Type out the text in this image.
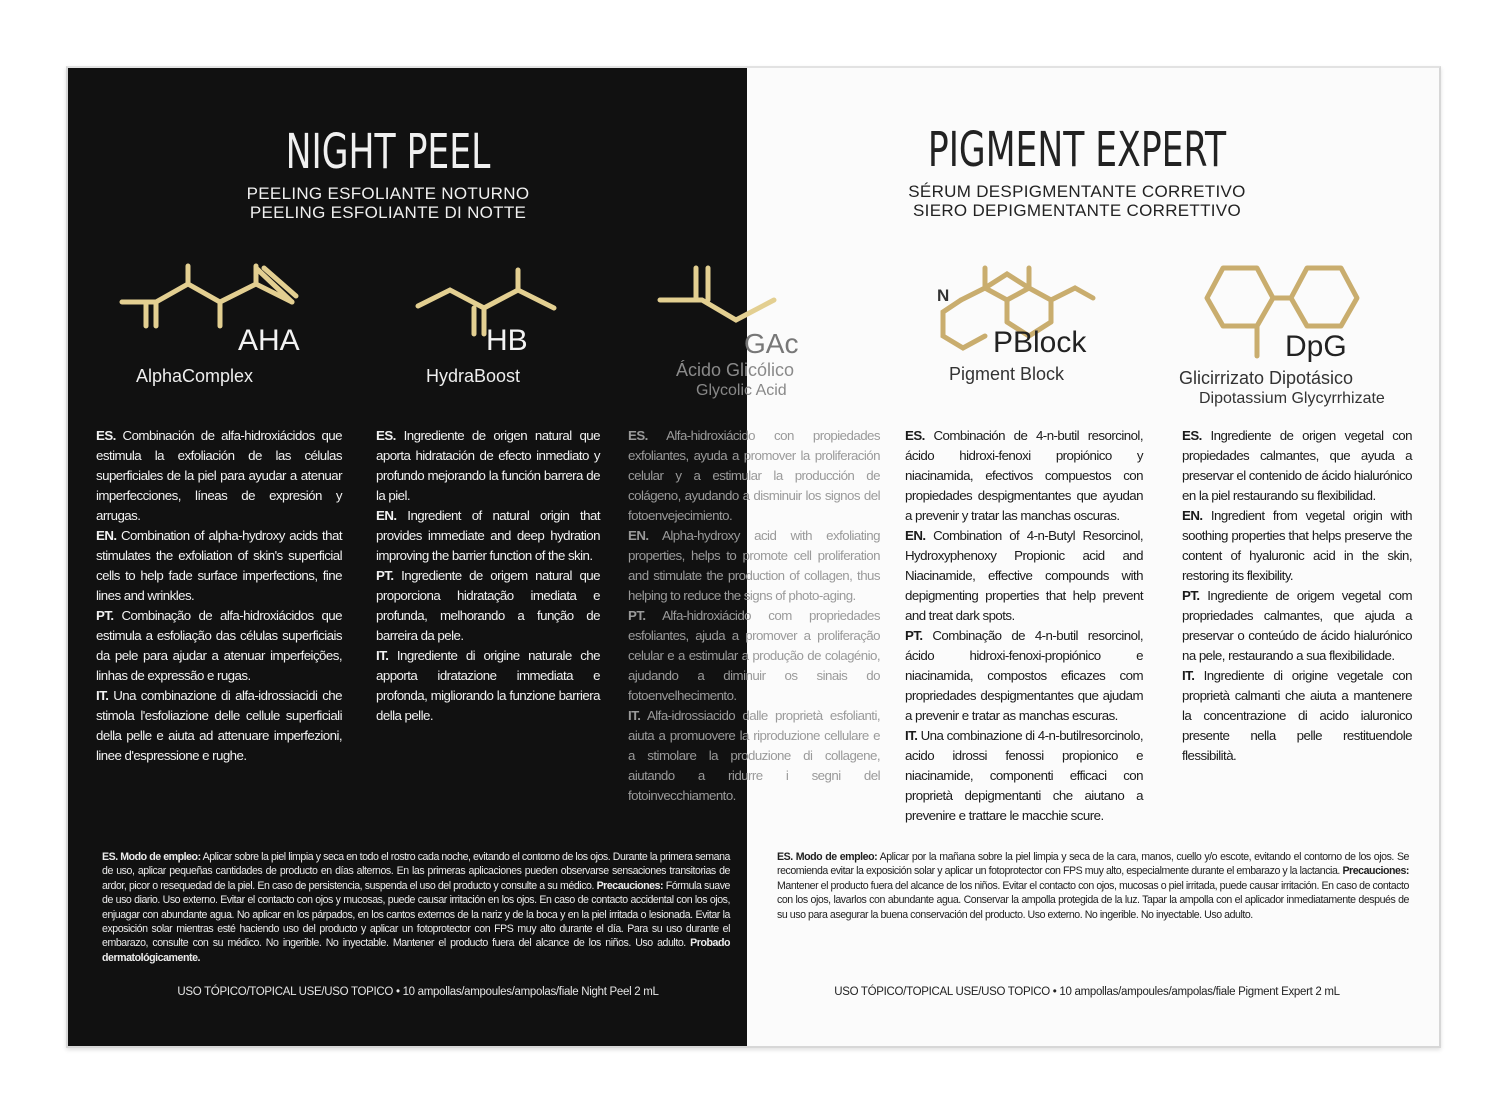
NIGHT PEEL
PEELING ESFOLIANTE NOTURNO
PEELING ESFOLIANTE DI NOTTE
AHA
AlphaComplex
HB
HydraBoost

ES. Combinación de alfa-hidroxiácidos que estimula la exfoliación de las células superficiales de la piel para ayudar a atenuar imperfecciones, líneas de expresión y arrugas.

EN. Combination of alpha-hydroxy acids that stimulates the exfoliation of skin's superficial cells to help fade surface imperfections, fine lines and wrinkles.

PT. Combinação de alfa-hidroxiácidos que estimula a esfoliação das células superficiais da pele para ajudar a atenuar imperfeições, linhas de expressão e rugas.

IT. Una combinazione di alfa-idrossiacidi che stimola l'esfoliazione delle cellule superficiali della pelle e aiuta ad attenuare imperfezioni, linee d'espressione e rughe.

ES. Ingrediente de origen natural que aporta hidratación de efecto inmediato y profundo mejorando la función barrera de la piel.

EN. Ingredient of natural origin that provides immediate and deep hydration improving the barrier function of the skin.

PT. Ingrediente de origem natural que proporciona hidratação imediata e profunda, melhorando a função de barreira da pele.

IT. Ingrediente di origine naturale che apporta idratazione immediata e profonda, migliorando la funzione barriera della pelle.

ES. Modo de empleo: Aplicar sobre la piel limpia y seca en todo el rostro cada noche, evitando el contorno de los ojos. Durante la primera semana de uso, aplicar pequeñas cantidades de producto en días alternos. En las primeras aplicaciones pueden observarse sensaciones transitorias de ardor, picor o resequedad de la piel. En caso de persistencia, suspenda el uso del producto y consulte a su médico. Precauciones: Fórmula suave de uso diario. Uso externo. Evitar el contacto con ojos y mucosas, puede causar irritación en los ojos. En caso de contacto accidental con los ojos, enjuagar con abundante agua. No aplicar en los párpados, en los cantos externos de la nariz y de la boca y en la piel irritada o lesionada. Evitar la exposición solar mientras esté haciendo uso del producto y aplicar un fotoprotector con FPS muy alto durante el día. Para su uso durante el embarazo, consulte con su médico. No ingerible. No inyectable. Mantener el producto fuera del alcance de los niños. Uso adulto. Probado dermatológicamente.
USO TÓPICO/TOPICAL USE/USO TOPICO • 10 ampollas/ampoules/ampolas/fiale Night Peel 2 mL
PIGMENT EXPERT
SÉRUM DESPIGMENTANTE CORRETIVO
SIERO DEPIGMENTANTE CORRETTIVO
N
PBlock
Pigment Block
DpG
Glicirrizato Dipotásico
Dipotassium Glycyrrhizate

ES. Combinación de 4-n-butil resorcinol, ácido hidroxi-fenoxi propiónico y niacinamida, efectivos compuestos con propiedades despigmentantes que ayudan a prevenir y tratar las manchas oscuras.

EN. Combination of 4-n-Butyl Resorcinol, Hydroxyphenoxy Propionic acid and Niacinamide, effective compounds with depigmenting properties that help prevent and treat dark spots.

PT. Combinação de 4-n-butil resorcinol, ácido hidroxi-fenoxi-propiónico e niacinamida, compostos eficazes com propriedades despigmentantes que ajudam a prevenir e tratar as manchas escuras.

IT. Una combinazione di 4-n-butilresorcinolo, acido idrossi fenossi propionico e niacinamide, componenti efficaci con proprietà depigmentanti che aiutano a prevenire e trattare le macchie scure.

ES. Ingrediente de origen vegetal con propiedades calmantes, que ayuda a preservar el contenido de ácido hialurónico en la piel restaurando su flexibilidad.

EN. Ingredient from vegetal origin with soothing properties that helps preserve the content of hyaluronic acid in the skin, restoring its flexibility.

PT. Ingrediente de origem vegetal com propriedades calmantes, que ajuda a preservar o conteúdo de ácido hialurónico na pele, restaurando a sua flexibilidade.

IT. Ingrediente di origine vegetale con proprietà calmanti che aiuta a mantenere la concentrazione di acido ialuronico presente nella pelle restituendole flessibilità.

ES. Modo de empleo: Aplicar por la mañana sobre la piel limpia y seca de la cara, manos, cuello y/o escote, evitando el contorno de los ojos. Se recomienda evitar la exposición solar y aplicar un fotoprotector con FPS muy alto, especialmente durante el embarazo y la lactancia. Precauciones: Mantener el producto fuera del alcance de los niños. Evitar el contacto con ojos, mucosas o piel irritada, puede causar irritación. En caso de contacto con los ojos, lavarlos con abundante agua. Conservar la ampolla protegida de la luz. Tapar la ampolla con el aplicador inmediatamente después de su uso para asegurar la buena conservación del producto. Uso externo. No ingerible. No inyectable. Uso adulto.
USO TÓPICO/TOPICAL USE/USO TOPICO • 10 ampollas/ampoules/ampolas/fiale Pigment Expert 2 mL
GAc
Ácido Glicólico
Glycolic Acid

ES. Alfa-hidroxiácido con propiedades exfoliantes, ayuda a promover la proliferación celular y a estimular la producción de colágeno, ayudando a disminuir los signos del fotoenvejecimiento.

EN. Alpha-hydroxy acid with exfoliating properties, helps to promote cell proliferation and stimulate the production of collagen, thus helping to reduce the signs of photo-aging.

PT. Alfa-hidroxiácido com propriedades esfoliantes, ajuda a promover a proliferação celular e a estimular a produção de colagénio, ajudando a diminuir os sinais do fotoenvelhecimento.

IT. Alfa-idrossiacido dalle proprietà esfolianti, aiuta a promuovere la riproduzione cellulare e a stimolare la produzione di collagene, aiutando a ridurre i segni del fotoinvecchiamento.
